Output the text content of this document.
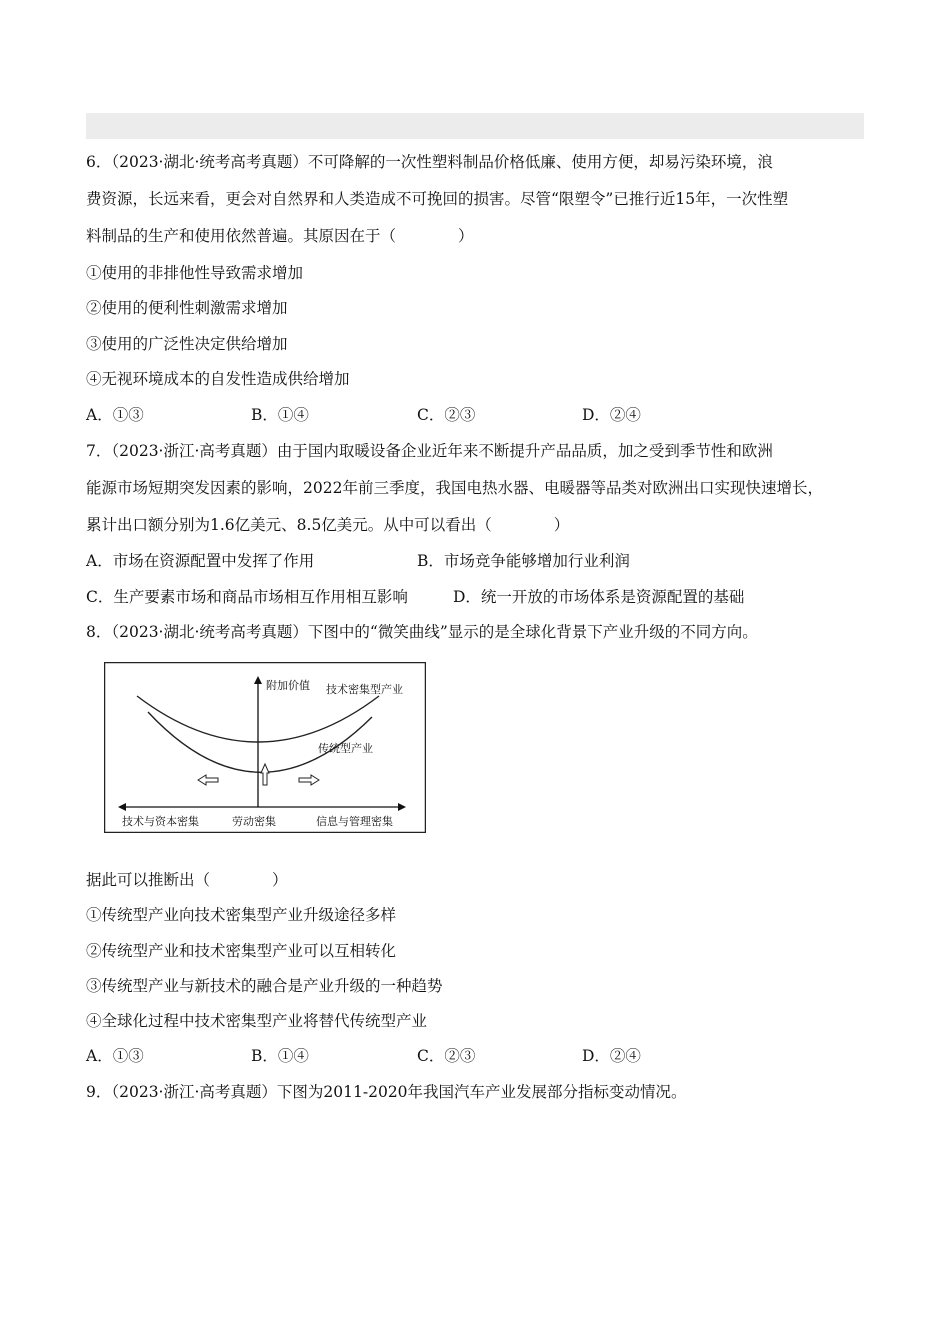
6．（2023·湖北·统考高考真题）不可降解的一次性塑料制品价格低廉、使用方便，却易污染环境，浪
费资源，长远来看，更会对自然界和人类造成不可挽回的损害。尽管“限塑令”已推行近15年，一次性塑
料制品的生产和使用依然普遍。其原因在于（　　　　）
①使用的非排他性导致需求增加
②使用的便利性刺激需求增加
③使用的广泛性决定供给增加
④无视环境成本的自发性造成供给增加
A．①③	B．①④	C．②③	D．②④
7．（2023·浙江·高考真题）由于国内取暖设备企业近年来不断提升产品品质，加之受到季节性和欧洲
能源市场短期突发因素的影响，2022年前三季度，我国电热水器、电暖器等品类对欧洲出口实现快速增长，
累计出口额分别为1.6亿美元、8.5亿美元。从中可以看出（　　　　）
A．市场在资源配置中发挥了作用	B．市场竞争能够增加行业利润
C．生产要素市场和商品市场相互作用相互影响	D．统一开放的市场体系是资源配置的基础
8．（2023·湖北·统考高考真题）下图中的“微笑曲线”显示的是全球化背景下产业升级的不同方向。
附加价值 技术密集型产业
传统型产业
技术与资本密集	劳动密集	信息与管理密集
据此可以推断出（　　　　）
①传统型产业向技术密集型产业升级途径多样
②传统型产业和技术密集型产业可以互相转化
③传统型产业与新技术的融合是产业升级的一种趋势
④全球化过程中技术密集型产业将替代传统型产业
A．①③	B．①④	C．②③	D．②④
9．（2023·浙江·高考真题）下图为2011-2020年我国汽车产业发展部分指标变动情况。
